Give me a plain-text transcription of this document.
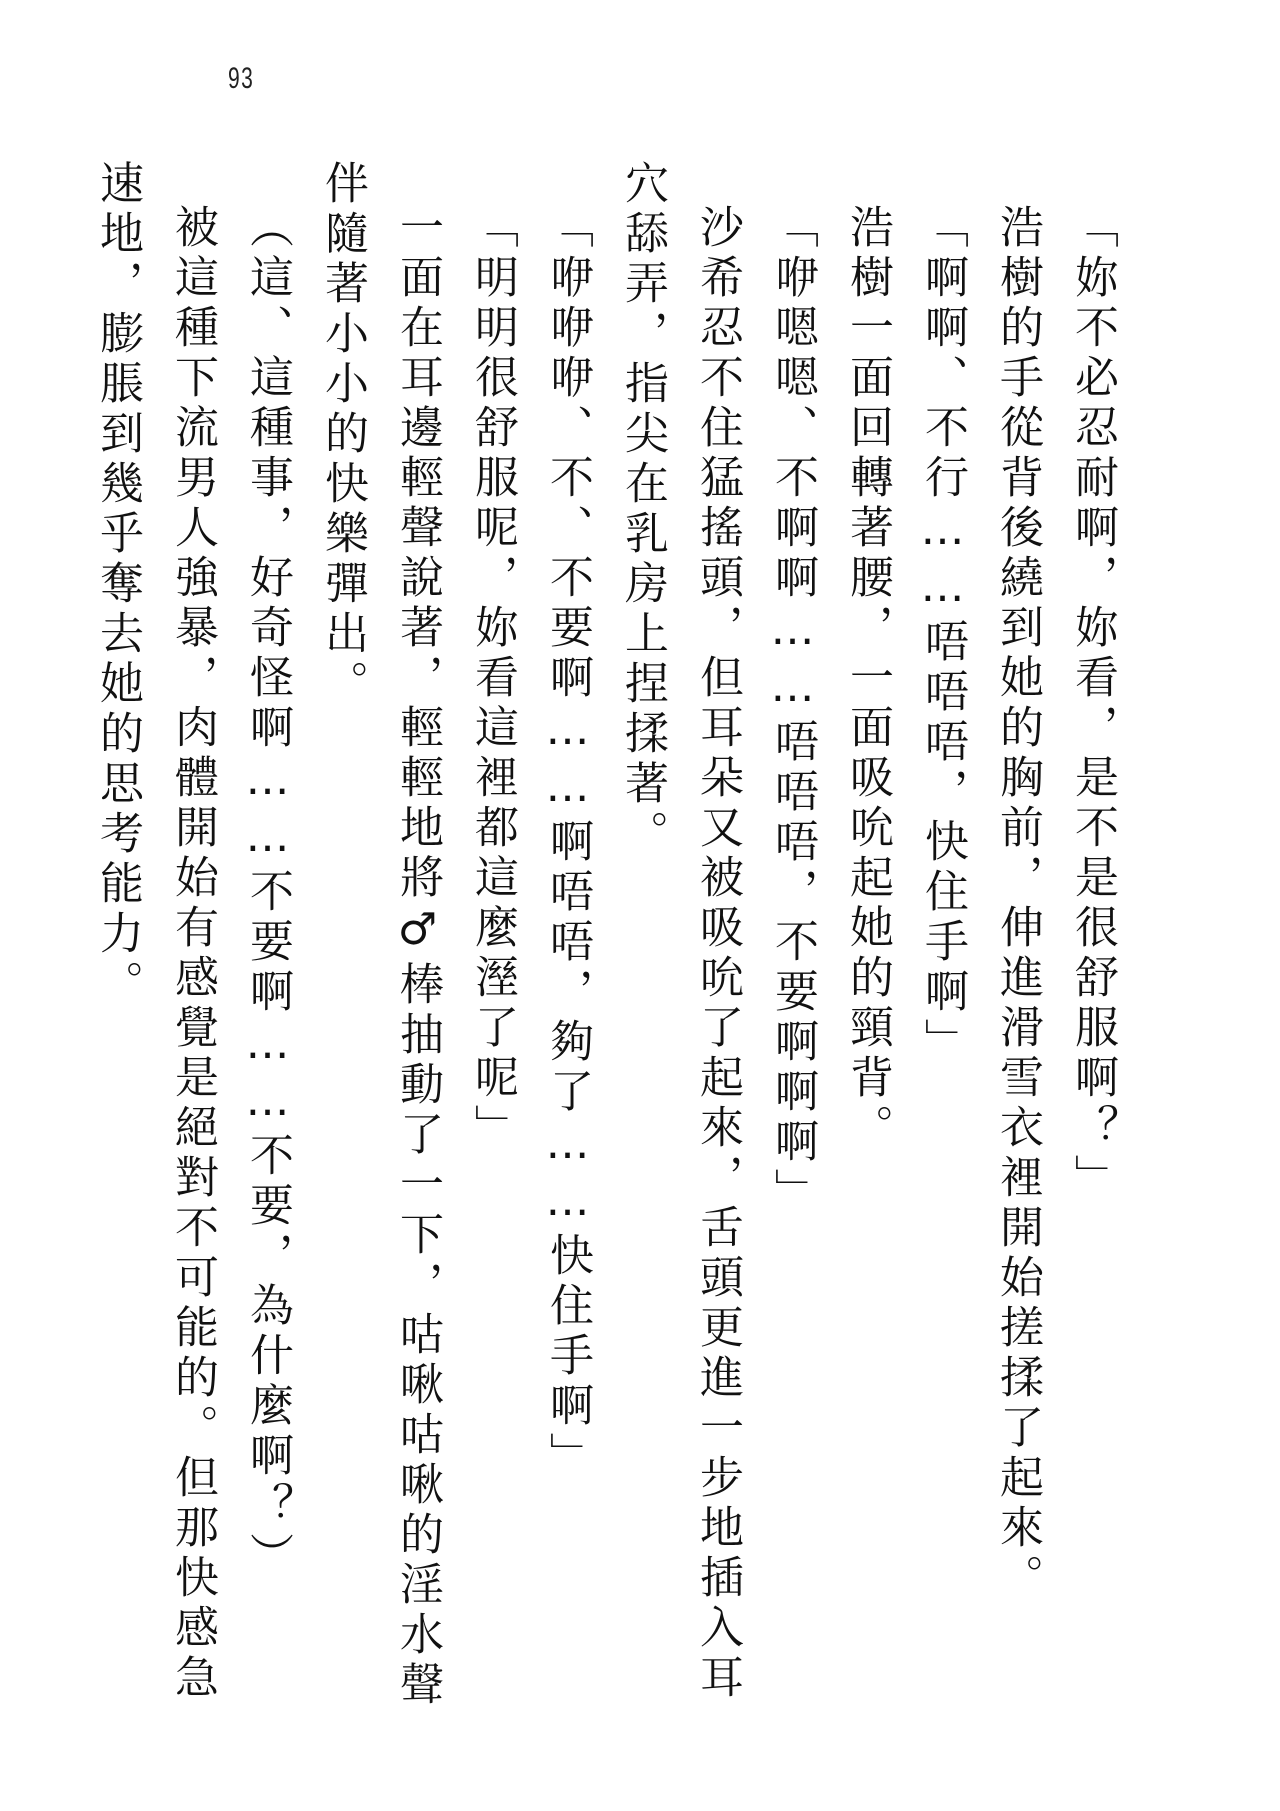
93

「妳不必忍耐啊，妳看，是不是很舒服啊？」

浩樹的手從背後繞到她的胸前，伸進滑雪衣裡開始搓揉了起來。

「啊啊、不行……唔唔唔，快住手啊」

浩樹一面回轉著腰，一面吸吮起她的頸背。

「咿嗯嗯、不啊啊……唔唔唔，不要啊啊啊」

沙希忍不住猛搖頭，但耳朵又被吸吮了起來，舌頭更進一步地插入耳穴舔弄，指尖在乳房上捏揉著。

「咿咿咿、不、不要啊……啊唔唔，夠了……快住手啊」

「明明很舒服呢，妳看這裡都這麼溼了呢」

一面在耳邊輕聲說著，輕輕地將♂棒抽動了一下，咕啾咕啾的淫水聲伴隨著小小的快樂彈出。

（這、這種事，好奇怪啊……不要啊……不要，為什麼啊？）

被這種下流男人強暴，肉體開始有感覺是絕對不可能的。但那快感急速地，膨脹到幾乎奪去她的思考能力。
